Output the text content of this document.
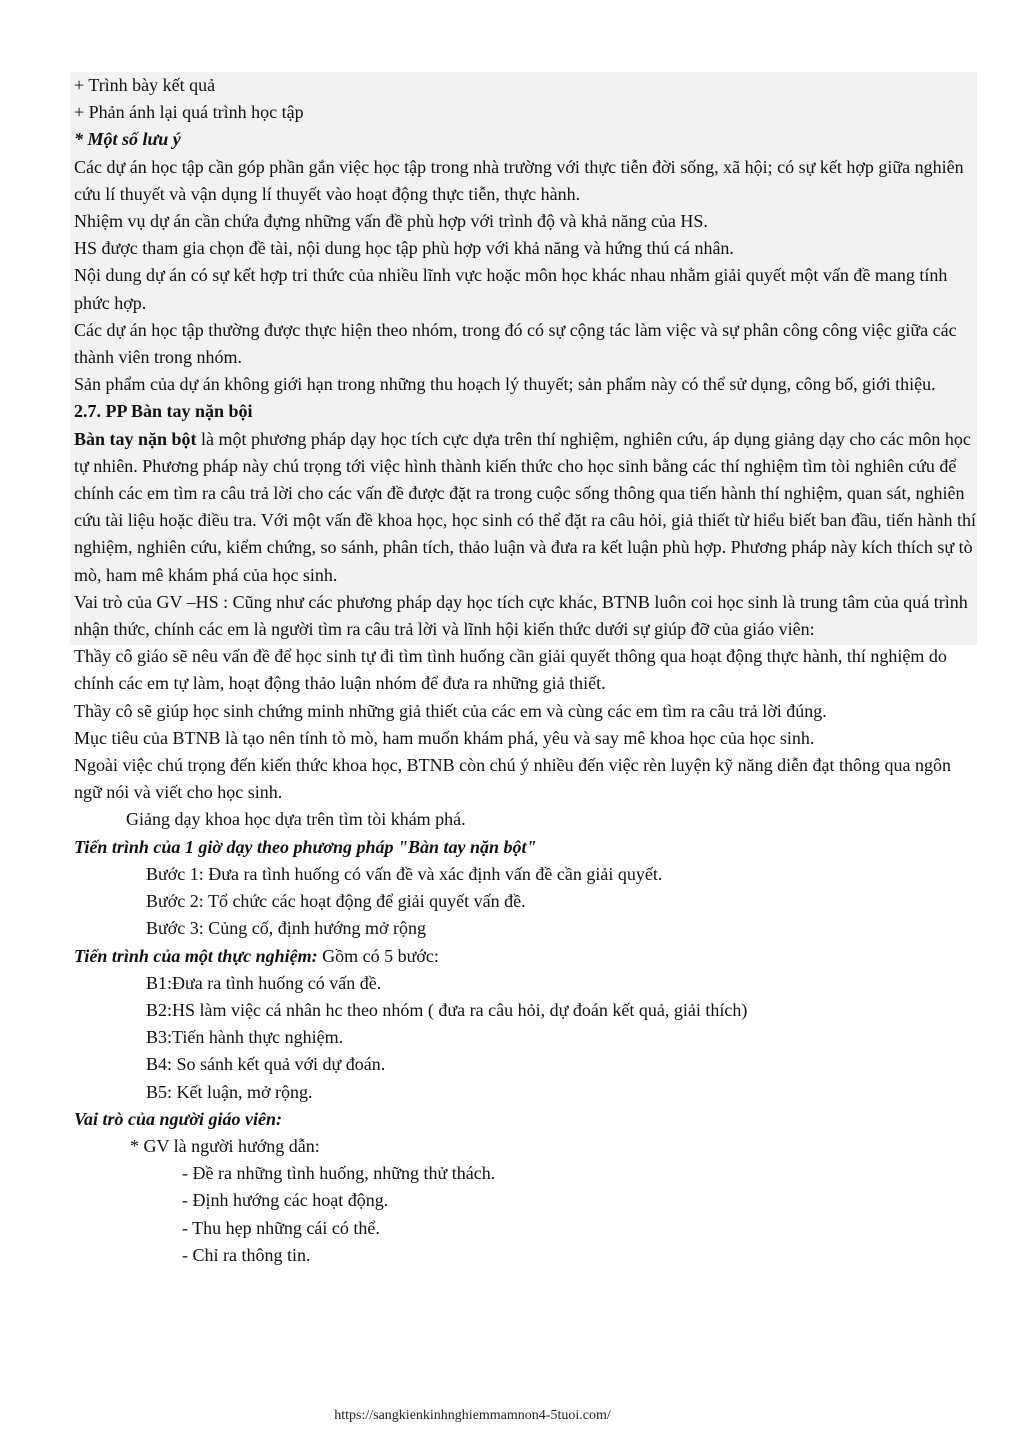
+ Trình bày kết quả

+ Phản ánh lại quá trình học tập

* Một số lưu ý

Các dự án học tập cần góp phần gắn việc học tập trong nhà trường với thực tiễn đời sống, xã hội; có sự kết hợp giữa nghiên cứu lí thuyết và vận dụng lí thuyết vào hoạt động thực tiễn, thực hành.

Nhiệm vụ dự án cần chứa đựng những vấn đề phù hợp với trình độ và khả năng của HS.

HS được tham gia chọn đề tài, nội dung học tập phù hợp với khả năng và hứng thú cá nhân.

Nội dung dự án có sự kết hợp tri thức của nhiều lĩnh vực hoặc môn học khác nhau nhằm giải quyết một vấn đề mang tính phức hợp.

Các dự án học tập thường được thực hiện theo nhóm, trong đó có sự cộng tác làm việc và sự phân công công việc giữa các thành viên trong nhóm.

Sản phẩm của dự án không giới hạn trong những thu hoạch lý thuyết; sản phẩm này có thể sử dụng, công bố, giới thiệu.

2.7. PP Bàn tay nặn bội

Bàn tay nặn bột là một phương pháp dạy học tích cực dựa trên thí nghiệm, nghiên cứu, áp dụng giảng dạy cho các môn học tự nhiên. Phương pháp này chú trọng tới việc hình thành kiến thức cho học sinh bằng các thí nghiệm tìm tòi nghiên cứu để chính các em tìm ra câu trả lời cho các vấn đề được đặt ra trong cuộc sống thông qua tiến hành thí nghiệm, quan sát, nghiên cứu tài liệu hoặc điều tra. Với một vấn đề khoa học, học sinh có thể đặt ra câu hỏi, giả thiết từ hiểu biết ban đầu, tiến hành thí nghiệm, nghiên cứu, kiểm chứng, so sánh, phân tích, thảo luận và đưa ra kết luận phù hợp. Phương pháp này kích thích sự tò mò, ham mê khám phá của học sinh.

Vai trò của GV –HS : Cũng như các phương pháp dạy học tích cực khác, BTNB luôn coi học sinh là trung tâm của quá trình nhận thức, chính các em là người tìm ra câu trả lời và lĩnh hội kiến thức dưới sự giúp đỡ của giáo viên:

Thầy cô giáo sẽ nêu vấn đề để học sinh tự đi tìm tình huống cần giải quyết thông qua hoạt động thực hành, thí nghiệm do chính các em tự làm, hoạt động thảo luận nhóm để đưa ra những giả thiết.

Thầy cô sẽ giúp học sinh chứng minh những giả thiết của các em và cùng các em tìm ra câu trả lời đúng.

Mục tiêu của BTNB là tạo nên tính tò mò, ham muốn khám phá, yêu và say mê khoa học của học sinh.

Ngoài việc chú trọng đến kiến thức khoa học, BTNB còn chú ý nhiều đến việc rèn luyện kỹ năng diễn đạt thông qua ngôn ngữ nói và viết cho học sinh.

Giảng dạy khoa học dựa trên tìm tòi khám phá.

Tiến trình của 1 giờ dạy theo phương pháp "Bàn tay nặn bột"

Bước 1: Đưa ra tình huống có vấn đề và xác định vấn đề cần giải quyết.

Bước 2: Tổ chức các hoạt động để giải quyết vấn đề.

Bước 3: Củng cố, định hướng mở rộng

Tiến trình của một thực nghiệm: Gồm có 5 bước:

B1:Đưa ra tình huống có vấn đề.

B2:HS làm việc cá nhân hc theo nhóm ( đưa ra câu hỏi, dự đoán kết quả, giải thích)

B3:Tiến hành thực nghiệm.

B4: So sánh kết quả với dự đoán.

B5: Kết luận, mở rộng.

Vai trò của người giáo viên:

* GV là người hướng dẫn:

- Đề ra những tình huống, những thử thách.

- Định hướng các hoạt động.

- Thu hẹp những cái có thể.

- Chỉ ra thông tin.

https://sangkienkinhnghiemmamnon4-5tuoi.com/
